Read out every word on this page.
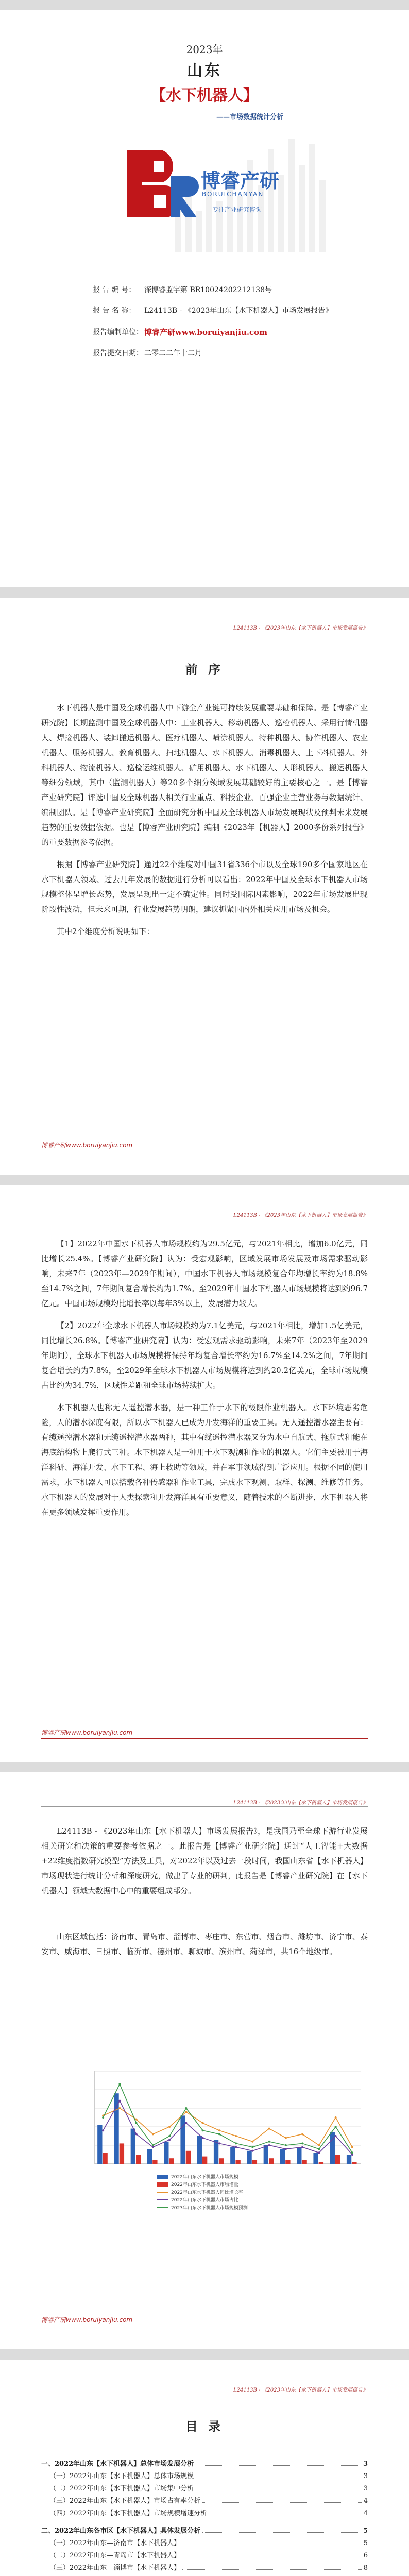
2023年
山东
【水下机器人】
——市场数据统计分析
博睿产研
BORUICHANYAN
专注产业研究咨询
报 告 编 号：	深博睿监字第 BR10024202212138号
报 告 名 称：	L24113B - 《2023年山东【水下机器人】市场发展报告》
报告编制单位： 博睿产研www.boruiyanjiu.com
报告提交日期： 二零二二年十二月
L24113B - 《2023年山东【水下机器人】市场发展报告》
前 序

水下机器人是中国及全球机器人中下游全产业链可持续发展重要基础和保障。是【博睿产业研究院】长期监测中国及全球机器人中：工业机器人、移动机器人、巡检机器人、采用行情机器人、焊接机器人、装卸搬运机器人、医疗机器人、喷涂机器人、特种机器人、协作机器人、农业机器人、服务机器人、教育机器人、扫地机器人、水下机器人、消毒机器人、上下料机器人、外科机器人、物流机器人、巡检运维机器人、矿用机器人、水下机器人、人形机器人、搬运机器人等细分领域，其中（监测机器人）等20多个细分领域发展基础较好的主要核心之一。是【博睿产业研究院】评选中国及全球机器人相关行业重点、科技企业、百强企业主营业务与数据统计、编制团队。是【博睿产业研究院】全面研究分析中国及全球机器人市场发展现状及预判未来发展趋势的重要数据依据。也是【博睿产业研究院】编制《2023年【机器人】2000多份系列报告》的重要数据参考依据。

根据【博睿产业研究院】通过22个维度对中国31省336个市以及全球190多个国家地区在水下机器人领域、过去几年发展的数据进行分析可以看出：2022年中国及全球水下机器人市场规模整体呈增长态势，发展呈现出一定不确定性。同时受国际因素影响，2022年市场发展出现阶段性波动，但未来可期，行业发展趋势明朗，建议抓紧国内外相关应用市场及机会。

其中2个维度分析说明如下：

博睿产研www.boruiyanjiu.com
L24113B - 《2023年山东【水下机器人】市场发展报告》

【1】2022年中国水下机器人市场规模约为29.5亿元，与2021年相比，增加6.0亿元，同比增长25.4%。【博睿产业研究院】认为：受宏观影响，区域发展市场发展及市场需求驱动影响，未来7年（2023年—2029年期间），中国水下机器人市场规模复合年均增长率约为18.8%至14.7%之间，7年期间复合增长约为1.7%。至2029年中国水下机器人市场规模将达到约96.7亿元。中国市场规模均比增长率以每年3%以上，发展潜力较大。

【2】2022年全球水下机器人市场规模约为7.1亿美元，与2021年相比，增加1.5亿美元，同比增长26.8%。【博睿产业研究院】认为：受宏观需求驱动影响，未来7年（2023年至2029年期间），全球水下机器人市场规模将保持年均复合增长率约为16.7%至14.2%之间，7年期间复合增长约为7.8%，至2029年全球水下机器人市场规模将达到约20.2亿美元，全球市场规模占比约为34.7%，区域性差距和全球市场持续扩大。

水下机器人也称无人遥控潜水器，是一种工作于水下的极限作业机器人。水下环境恶劣危险，人的潜水深度有限，所以水下机器人已成为开发海洋的重要工具。无人遥控潜水器主要有：有缆遥控潜水器和无缆遥控潜水器两种，其中有缆遥控潜水器又分为水中自航式、拖航式和能在海底结构物上爬行式三种。水下机器人是一种用于水下观测和作业的机器人。它们主要被用于海洋科研、海洋开发、水下工程、海上救助等领域，并在军事领域得到广泛应用。根据不同的使用需求，水下机器人可以搭载各种传感器和作业工具，完成水下观测、取样、探测、维修等任务。水下机器人的发展对于人类探索和开发海洋具有重要意义，随着技术的不断进步，水下机器人将在更多领域发挥重要作用。

博睿产研www.boruiyanjiu.com
L24113B - 《2023年山东【水下机器人】市场发展报告》

L24113B - 《2023年山东【水下机器人】市场发展报告》，是我国乃至全球下游行业发展相关研究和决策的重要参考依据之一。此报告是【博睿产业研究院】通过“人工智能+大数据+22维度指数研究模型”方法及工具，对2022年以及过去一段时间，我国山东省【水下机器人】市场现状进行统计分析和深度研究，做出了专业的研判，此报告是【博睿产业研究院】在【水下机器人】领域大数据中心中的重要组成部分。

山东区域包括：济南市、青岛市、淄博市、枣庄市、东营市、烟台市、潍坊市、济宁市、泰安市、威海市、日照市、临沂市、德州市、聊城市、滨州市、菏泽市，共16个地级市。

2022年山东水下机器人市场规模
2022年山东水下机器人市场增量
2022年山东水下机器人同比增长率
2022年山东水下机器人市场占比
2023年山东水下机器人市场规模预测
博睿产研www.boruiyanjiu.com
L24113B - 《2023年山东【水下机器人】市场发展报告》
目 录
一、2022年山东【水下机器人】总体市场发展分析	3
（一）2022年山东【水下机器人】总体市场规模	3
（二）2022年山东【水下机器人】市场集中分析	3
（三）2022年山东【水下机器人】市场占有率分析	4
（四）2022年山东【水下机器人】市场规模增速分析	4
二、2022年山东各市区【水下机器人】具体发展分析	5
（一）2022年山东—济南市【水下机器人】	5
（二）2022年山东—青岛市【水下机器人】	6
（三）2022年山东—淄博市【水下机器人】	8
